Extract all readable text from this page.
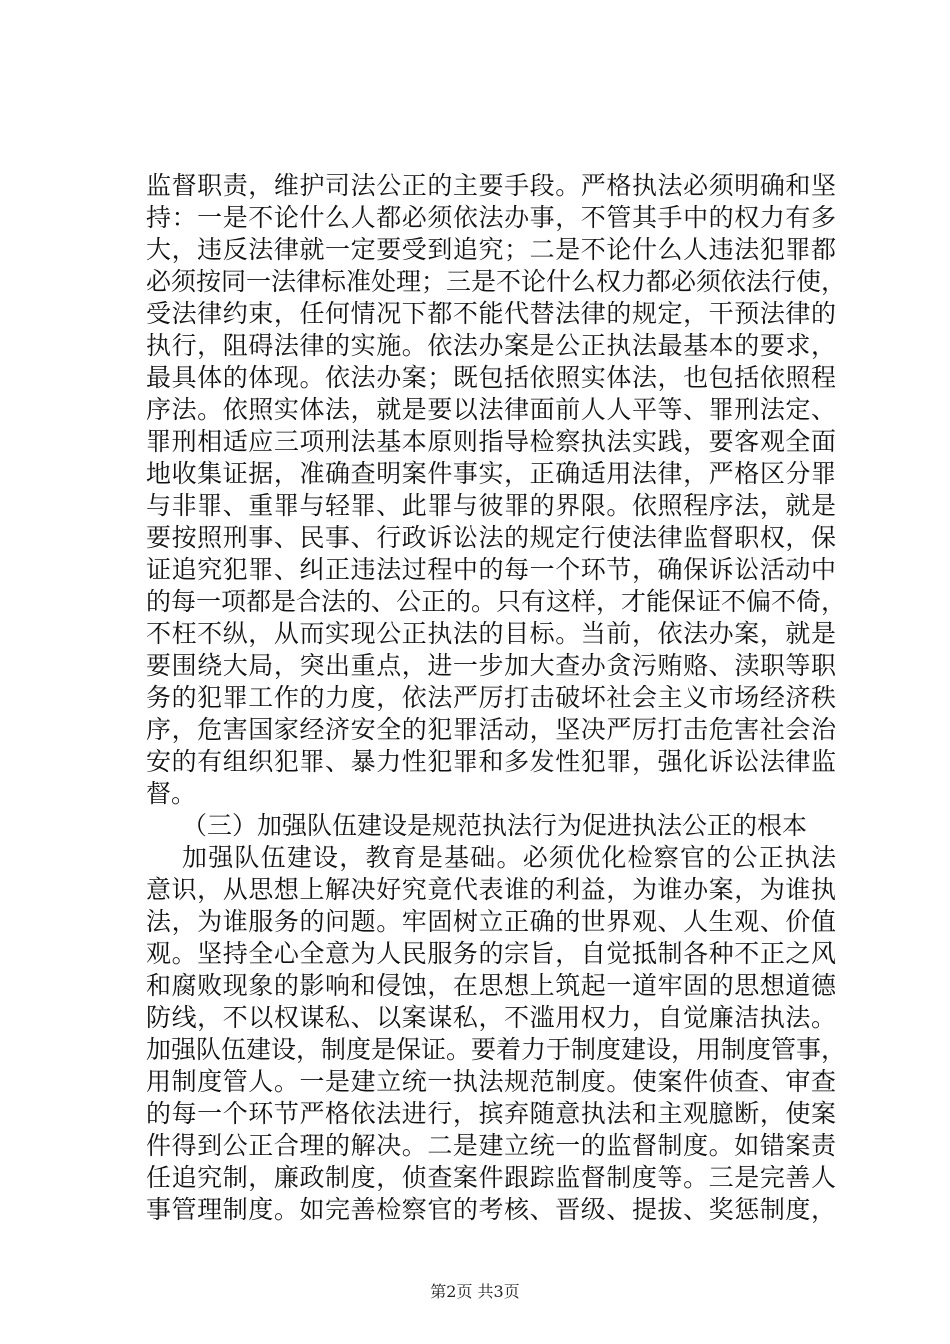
监督职责，维护司法公正的主要手段。严格执法必须明确和坚
持：一是不论什么人都必须依法办事，不管其手中的权力有多
大，违反法律就一定要受到追究；二是不论什么人违法犯罪都
必须按同一法律标准处理；三是不论什么权力都必须依法行使，
受法律约束，任何情况下都不能代替法律的规定，干预法律的
执行，阻碍法律的实施。依法办案是公正执法最基本的要求，
最具体的体现。依法办案；既包括依照实体法，也包括依照程
序法。依照实体法，就是要以法律面前人人平等、罪刑法定、
罪刑相适应三项刑法基本原则指导检察执法实践，要客观全面
地收集证据，准确查明案件事实，正确适用法律，严格区分罪
与非罪、重罪与轻罪、此罪与彼罪的界限。依照程序法，就是
要按照刑事、民事、行政诉讼法的规定行使法律监督职权，保
证追究犯罪、纠正违法过程中的每一个环节，确保诉讼活动中
的每一项都是合法的、公正的。只有这样，才能保证不偏不倚，
不枉不纵，从而实现公正执法的目标。当前，依法办案，就是
要围绕大局，突出重点，进一步加大查办贪污贿赂、渎职等职
务的犯罪工作的力度，依法严厉打击破坏社会主义市场经济秩
序，危害国家经济安全的犯罪活动，坚决严厉打击危害社会治
安的有组织犯罪、暴力性犯罪和多发性犯罪，强化诉讼法律监
督。
（三）加强队伍建设是规范执法行为促进执法公正的根本
加强队伍建设，教育是基础。必须优化检察官的公正执法
意识，从思想上解决好究竟代表谁的利益，为谁办案，为谁执
法，为谁服务的问题。牢固树立正确的世界观、人生观、价值
观。坚持全心全意为人民服务的宗旨，自觉抵制各种不正之风
和腐败现象的影响和侵蚀，在思想上筑起一道牢固的思想道德
防线，不以权谋私、以案谋私，不滥用权力，自觉廉洁执法。
加强队伍建设，制度是保证。要着力于制度建设，用制度管事，
用制度管人。一是建立统一执法规范制度。使案件侦查、审查
的每一个环节严格依法进行，摈弃随意执法和主观臆断，使案
件得到公正合理的解决。二是建立统一的监督制度。如错案责
任追究制，廉政制度，侦查案件跟踪监督制度等。三是完善人
事管理制度。如完善检察官的考核、晋级、提拔、奖惩制度，
第2页 共3页
